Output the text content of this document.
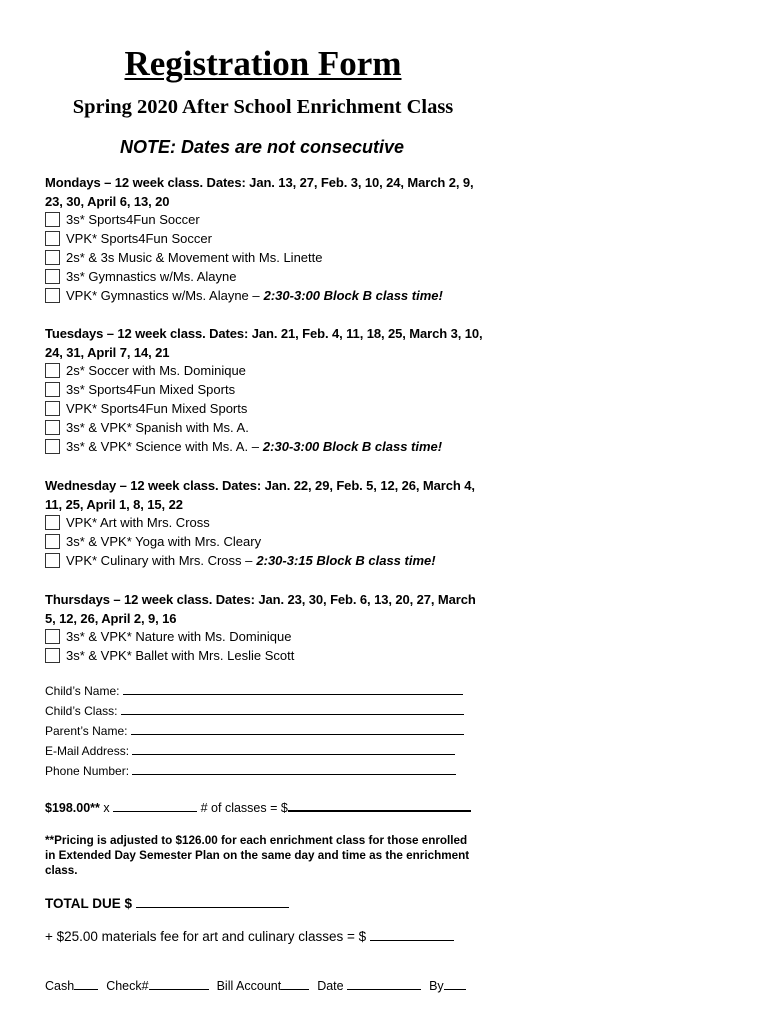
Registration Form
Spring 2020 After School Enrichment Class
NOTE: Dates are not consecutive
Mondays – 12 week class. Dates: Jan. 13, 27, Feb. 3, 10, 24, March 2, 9, 23, 30, April 6, 13, 20
3s* Sports4Fun Soccer
VPK* Sports4Fun Soccer
2s* & 3s Music & Movement with Ms. Linette
3s* Gymnastics w/Ms. Alayne
VPK* Gymnastics w/Ms. Alayne – 2:30-3:00 Block B class time!
Tuesdays – 12 week class. Dates: Jan. 21, Feb. 4, 11, 18, 25, March 3, 10, 24, 31, April 7, 14, 21
2s* Soccer with Ms. Dominique
3s* Sports4Fun Mixed Sports
VPK* Sports4Fun Mixed Sports
3s* & VPK* Spanish with Ms. A.
3s* & VPK* Science with Ms. A. – 2:30-3:00 Block B class time!
Wednesday – 12 week class. Dates: Jan. 22, 29, Feb. 5, 12, 26, March 4, 11, 25, April 1, 8, 15, 22
VPK* Art with Mrs. Cross
3s* & VPK* Yoga with Mrs. Cleary
VPK* Culinary with Mrs. Cross – 2:30-3:15 Block B class time!
Thursdays – 12 week class. Dates: Jan. 23, 30, Feb. 6, 13, 20, 27, March 5, 12, 26, April 2, 9, 16
3s* & VPK* Nature with Ms. Dominique
3s* & VPK* Ballet with Mrs. Leslie Scott
Child’s Name:
Child’s Class:
Parent’s Name:
E-Mail Address:
Phone Number:
$198.00** x	# of classes = $
**Pricing is adjusted to $126.00 for each enrichment class for those enrolled in Extended Day Semester Plan on the same day and time as the enrichment class.
TOTAL DUE $
+ $25.00 materials fee for art and culinary classes = $
Cash	Check#	Bill Account	Date	By
